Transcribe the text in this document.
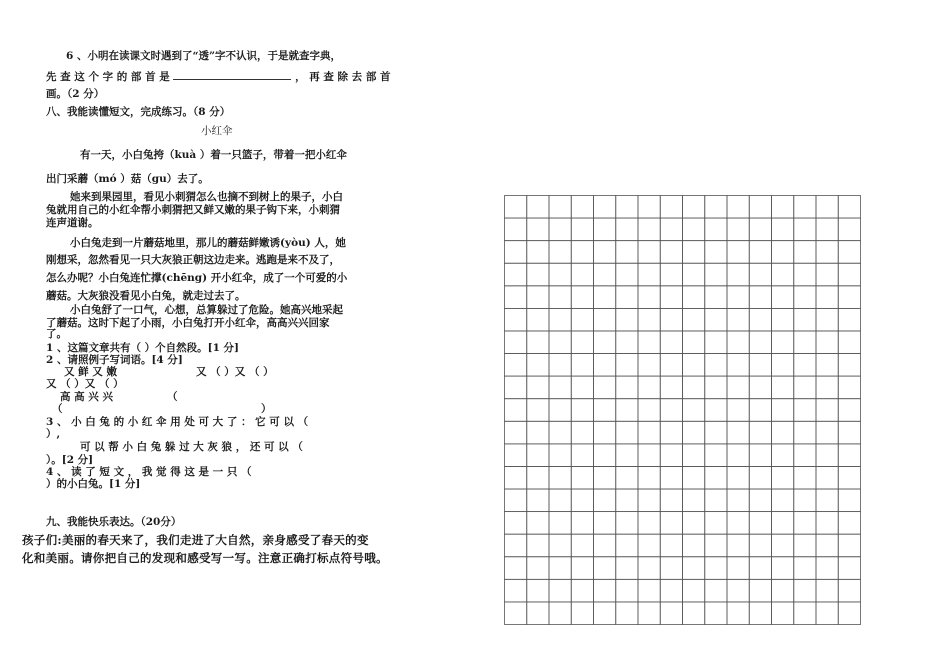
6 、小明在读课文时遇到了“透”字不认识，于是就查字典，
先 查 这 个 字 的 部 首 是	， 再 查 除 去 部 首
画。（2 分）
八、我能读懂短文，完成练习。（8 分）
小红伞
有一天，小白兔挎（kuà ）着一只篮子，带着一把小红伞
出门采蘑（mó ）菇（gu）去了。
她来到果园里，看见小刺猬怎么也摘不到树上的果子，小白
兔就用自己的小红伞帮小刺猬把又鲜又嫩的果子钩下来，小刺猬
连声道谢。
小白兔走到一片蘑菇地里，那儿的蘑菇鲜嫩诱(yòu) 人，她
刚想采，忽然看见一只大灰狼正朝这边走来。逃跑是来不及了，
怎么办呢？小白兔连忙撑(chēng) 开小红伞，成了一个可爱的小
蘑菇。大灰狼没看见小白兔，就走过去了。
小白兔舒了一口气，心想，总算躲过了危险。她高兴地采起
了蘑菇。这时下起了小雨，小白兔打开小红伞，高高兴兴回家
了。
1 、这篇文章共有（ ）个自然段。[1 分]
2 、请照例子写词语。[4 分]
又 鲜 又 嫩	又 （ ）又 （ ）
又 （ ）又 （ ）
高 高 兴 兴	（
（	）
3 、 小 白 兔 的 小 红 伞 用 处 可 大 了 ： 它 可 以 （
）,
可 以 帮 小 白 兔 躲 过 大 灰 狼 ， 还 可 以 （
）。[2 分]
4 、 读 了 短 文 ， 我 觉 得 这 是 一 只 （
）的小白兔。[1 分]
九、我能快乐表达。（20分）
孩子们:美丽的春天来了，我们走进了大自然，亲身感受了春天的变
化和美丽。请你把自己的发现和感受写一写。注意正确打标点符号哦。
